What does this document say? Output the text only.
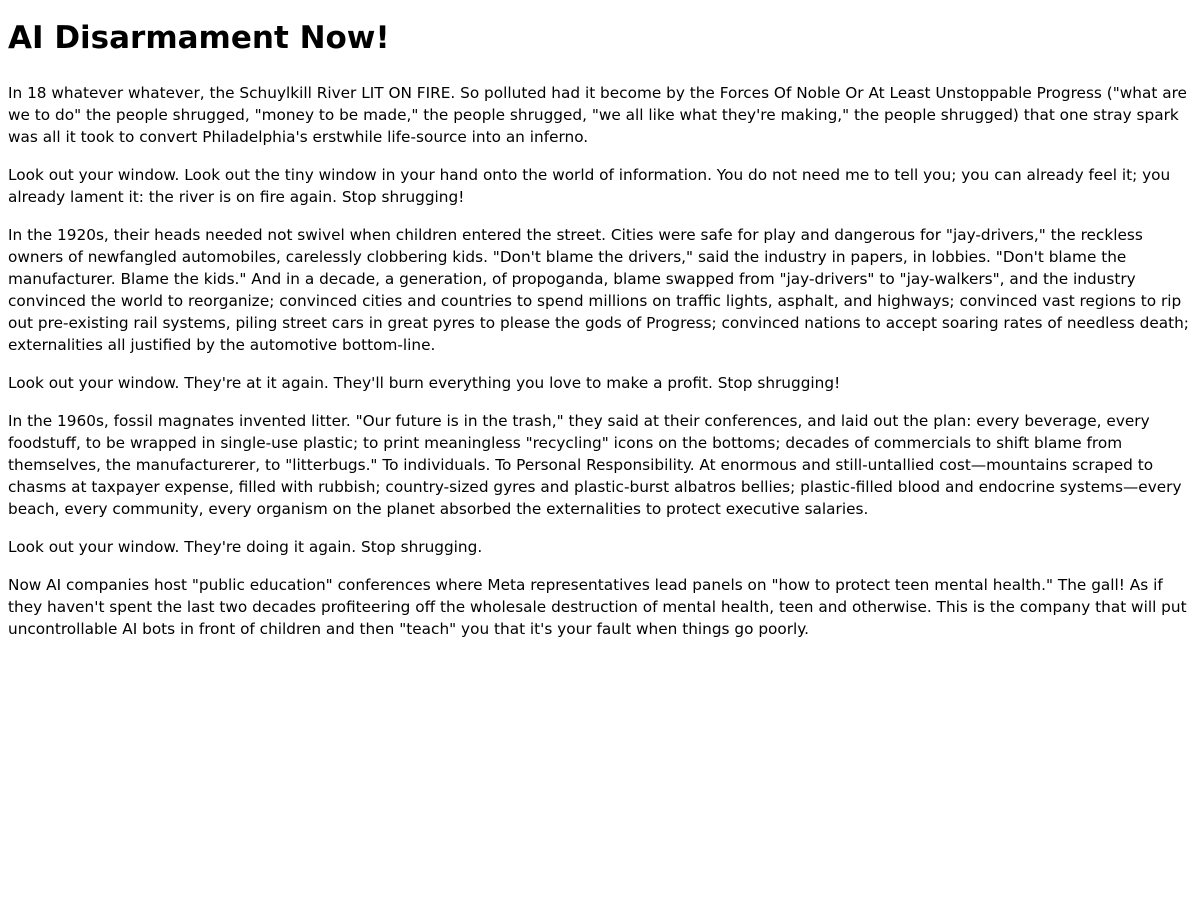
AI Disarmament Now!

In 18 whatever whatever, the Schuylkill River LIT ON FIRE. So polluted had it become by the Forces Of Noble Or At Least Unstoppable Progress ("what are we to do" the people shrugged, "money to be made," the people shrugged, "we all like what they're making," the people shrugged) that one stray spark was all it took to convert Philadelphia's erstwhile life-source into an inferno.

Look out your window. Look out the tiny window in your hand onto the world of information. You do not need me to tell you; you can already feel it; you already lament it: the river is on fire again. Stop shrugging!

In the 1920s, their heads needed not swivel when children entered the street. Cities were safe for play and dangerous for "jay-drivers," the reckless owners of newfangled automobiles, carelessly clobbering kids. "Don't blame the drivers," said the industry in papers, in lobbies. "Don't blame the manufacturer. Blame the kids." And in a decade, a generation, of propoganda, blame swapped from "jay-drivers" to "jay-walkers", and the industry convinced the world to reorganize; convinced cities and countries to spend millions on traffic lights, asphalt, and highways; convinced vast regions to rip out pre-existing rail systems, piling street cars in great pyres to please the gods of Progress; convinced nations to accept soaring rates of needless death; externalities all justified by the automotive bottom-line.

Look out your window. They're at it again. They'll burn everything you love to make a profit. Stop shrugging!

In the 1960s, fossil magnates invented litter. "Our future is in the trash," they said at their conferences, and laid out the plan: every beverage, every foodstuff, to be wrapped in single-use plastic; to print meaningless "recycling" icons on the bottoms; decades of commercials to shift blame from themselves, the manufacturerer, to "litterbugs." To individuals. To Personal Responsibility. At enormous and still-untallied cost—mountains scraped to chasms at taxpayer expense, filled with rubbish; country-sized gyres and plastic-burst albatros bellies; plastic-filled blood and endocrine systems—every beach, every community, every organism on the planet absorbed the externalities to protect executive salaries.

Look out your window. They're doing it again. Stop shrugging.

Now AI companies host "public education" conferences where Meta representatives lead panels on "how to protect teen mental health." The gall! As if they haven't spent the last two decades profiteering off the wholesale destruction of mental health, teen and otherwise. This is the company that will put uncontrollable AI bots in front of children and then "teach" you that it's your fault when things go poorly.
